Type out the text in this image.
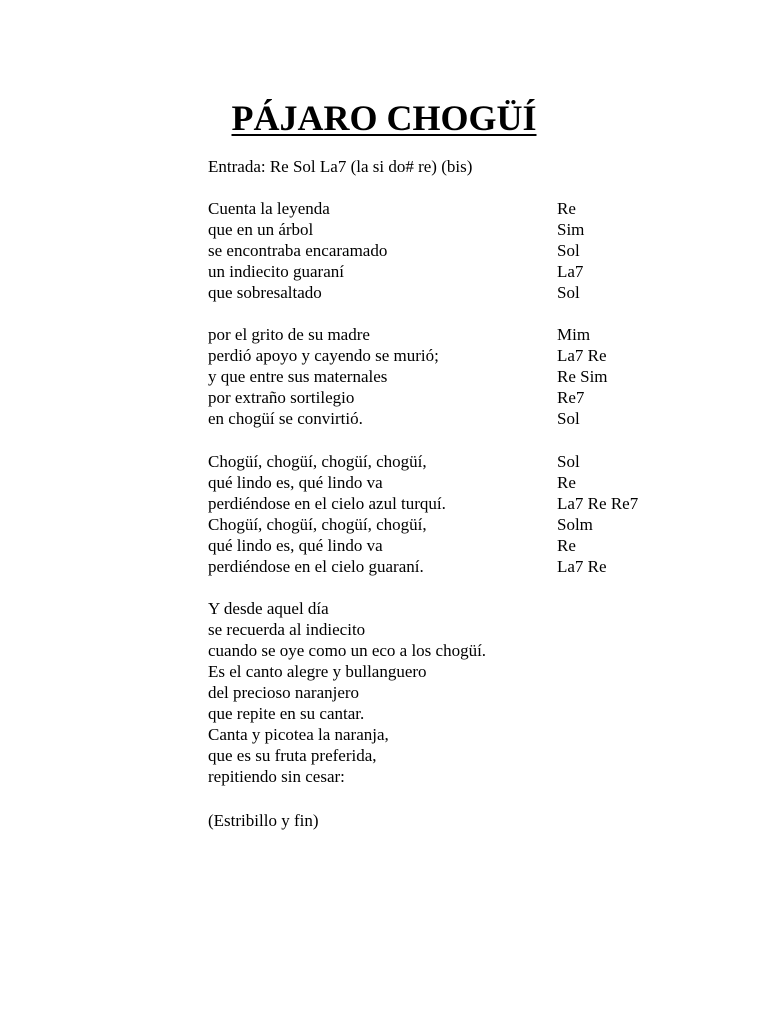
PÁJARO CHOGÜÍ
Entrada: Re Sol La7 (la si do# re) (bis)
Cuenta la leyenda	Re
que en un árbol	Sim
se encontraba encaramado	Sol
un indiecito guaraní	La7
que sobresaltado	Sol
por el grito de su madre	Mim
perdió apoyo y cayendo se murió;	La7 Re
y que entre sus maternales	Re Sim
por extraño sortilegio	Re7
en chogüí se convirtió.	Sol
Chogüí, chogüí, chogüí, chogüí,	Sol
qué lindo es, qué lindo va	Re
perdiéndose en el cielo azul turquí.	La7 Re Re7
Chogüí, chogüí, chogüí, chogüí,	Solm
qué lindo es, qué lindo va	Re
perdiéndose en el cielo guaraní.	La7 Re
Y desde aquel día
se recuerda al indiecito
cuando se oye como un eco a los chogüí.
Es el canto alegre y bullanguero
del precioso naranjero
que repite en su cantar.
Canta y picotea la naranja,
que es su fruta preferida,
repitiendo sin cesar:
(Estribillo y fin)
